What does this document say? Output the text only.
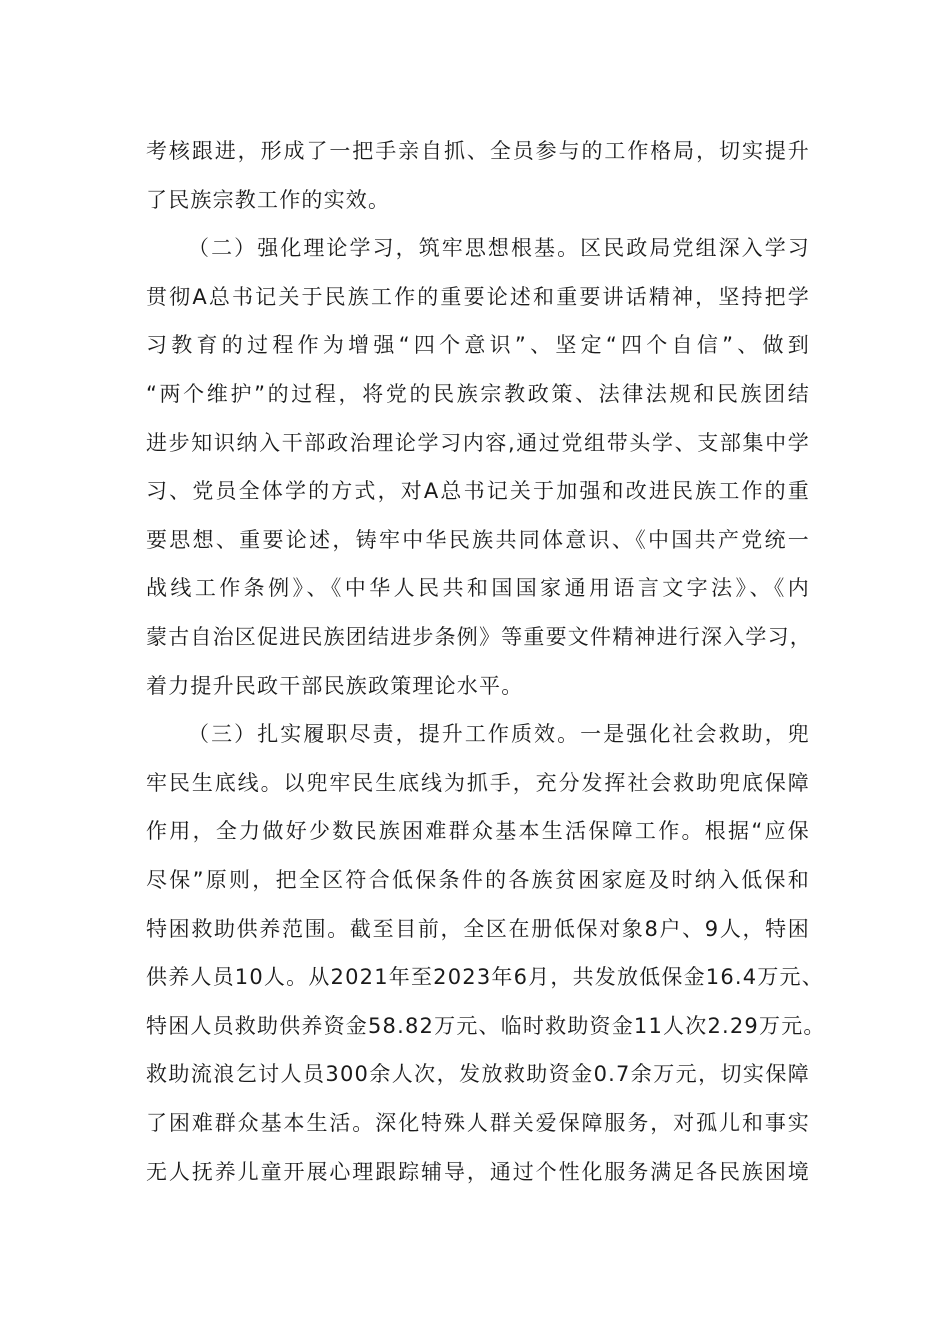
考核跟进，形成了一把手亲自抓、全员参与的工作格局，切实提升
了民族宗教工作的实效。
（二）强化理论学习，筑牢思想根基。区民政局党组深入学习
贯彻A总书记关于民族工作的重要论述和重要讲话精神，坚持把学
习教育的过程作为增强“四个意识”、坚定“四个自信”、做到
“两个维护”的过程，将党的民族宗教政策、法律法规和民族团结
进步知识纳入干部政治理论学习内容,通过党组带头学、支部集中学
习、党员全体学的方式，对A总书记关于加强和改进民族工作的重
要思想、重要论述，铸牢中华民族共同体意识、《中国共产党统一
战线工作条例》、《中华人民共和国国家通用语言文字法》、《内
蒙古自治区促进民族团结进步条例》等重要文件精神进行深入学习，
着力提升民政干部民族政策理论水平。
（三）扎实履职尽责，提升工作质效。一是强化社会救助，兜
牢民生底线。以兜牢民生底线为抓手，充分发挥社会救助兜底保障
作用，全力做好少数民族困难群众基本生活保障工作。根据“应保
尽保”原则，把全区符合低保条件的各族贫困家庭及时纳入低保和
特困救助供养范围。截至目前，全区在册低保对象8户、9人，特困
供养人员10人。从2021年至2023年6月，共发放低保金16.4万元、
特困人员救助供养资金58.82万元、临时救助资金11人次2.29万元。
救助流浪乞讨人员300余人次，发放救助资金0.7余万元，切实保障
了困难群众基本生活。深化特殊人群关爱保障服务，对孤儿和事实
无人抚养儿童开展心理跟踪辅导，通过个性化服务满足各民族困境
